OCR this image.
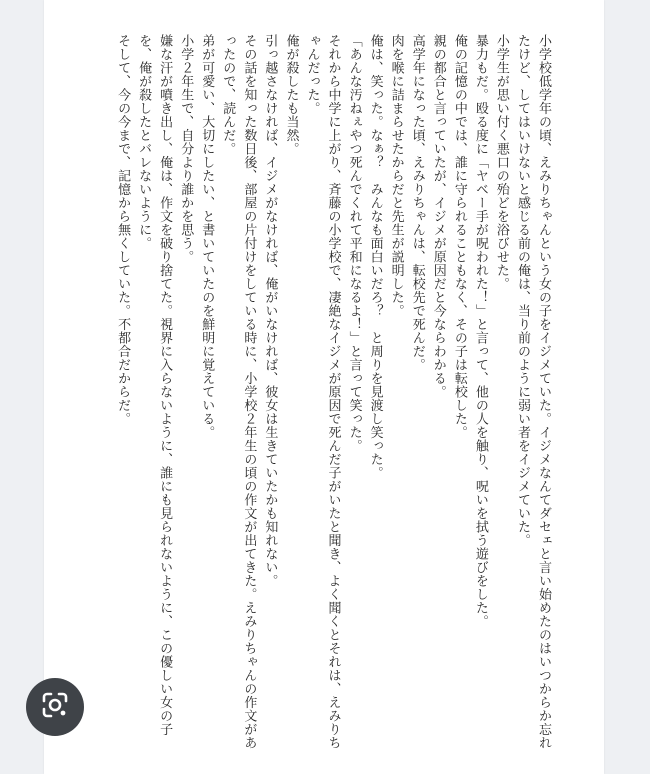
小学校低学年の頃、えみりちゃんという女の子をイジメていた。イジメなんてダセェと言い始めたのはいつからか忘れたけど、してはいけないと感じる前の俺は、当り前のように弱い者をイジメていた。

小学生が思い付く悪口の殆どを浴びせた。

暴力もだ。殴る度に「ヤベー手が呪われた！」と言って、他の人を触り、呪いを拭う遊びをした。

俺の記憶の中では、誰に守られることもなく、その子は転校した。

親の都合と言っていたが、イジメが原因だと今ならわかる。

高学年になった頃、えみりちゃんは、転校先で死んだ。

肉を喉に詰まらせたからだと先生が説明した。

俺は、笑った。なぁ？　みんなも面白いだろ？　と周りを見渡し笑った。

「あんな汚ねぇやつ死んでくれて平和になるよ！」と言って笑った。

それから中学に上がり、斉藤の小学校で、凄絶なイジメが原因で死んだ子がいたと聞き、よく聞くとそれは、えみりちゃんだった。

俺が殺したも当然。

引っ越さなければ、イジメがなければ、俺がいなければ、彼女は生きていたかも知れない。

その話を知った数日後、部屋の片付けをしている時に、小学校２年生の頃の作文が出てきた。えみりちゃんの作文があったので、読んだ。

弟が可愛い、大切にしたい、と書いていたのを鮮明に覚えている。

小学２年生で、自分より誰かを思う。

嫌な汗が噴き出し、俺は、作文を破り捨てた。視界に入らないように、誰にも見られないように、この優しい女の子を、俺が殺したとバレないように。

そして、今の今まで、記憶から無くしていた。不都合だからだ。
